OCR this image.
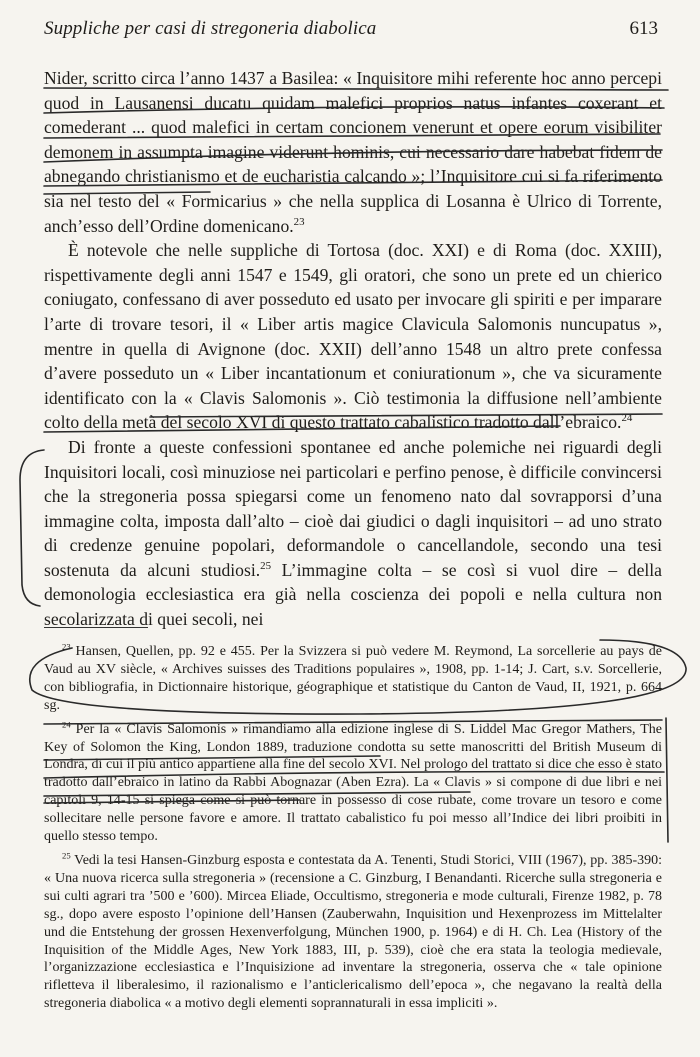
Suppliche per casi di stregoneria diabolica	613

Nider, scritto circa l’anno 1437 a Basilea: « Inquisitore mihi referente hoc anno percepi quod in Lausanensi ducatu quidam malefici proprios natus infantes coxerant et comederant ... quod malefici in certam concionem venerunt et opere eorum visibiliter demonem in assumpta imagine viderunt hominis, cui necessario dare habebat fidem de abnegando christianismo et de eucharistia calcando »; l’Inquisitore cui si fa riferimento sia nel testo del « Formicarius » che nella supplica di Losanna è Ulrico di Torrente, anch’esso dell’Ordine domenicano.$^{23}$

È notevole che nelle suppliche di Tortosa (doc. XXI) e di Roma (doc. XXIII), rispettivamente degli anni 1547 e 1549, gli oratori, che sono un prete ed un chierico coniugato, confessano di aver posseduto ed usato per invocare gli spiriti e per imparare l’arte di trovare tesori, il « Liber artis magice Clavicula Salomonis nuncupatus », mentre in quella di Avignone (doc. XXII) dell’anno 1548 un altro prete confessa d’avere posseduto un « Liber incantationum et coniurationum », che va sicuramente identificato con la « Clavis Salomonis ». Ciò testimonia la diffusione nell’ambiente colto della metà del secolo XVI di questo trattato cabalistico tradotto dall’ebraico.$^{24}$

Di fronte a queste confessioni spontanee ed anche polemiche nei riguardi degli Inquisitori locali, così minuziose nei particolari e perfino penose, è difficile convincersi che la stregoneria possa spiegarsi come un fenomeno nato dal sovrapporsi d’una immagine colta, imposta dall’alto – cioè dai giudici o dagli inquisitori – ad uno strato di credenze genuine popolari, deformandole o cancellandole, secondo una tesi sostenuta da alcuni studiosi.$^{25}$ L’immagine colta – se così si vuol dire – della demonologia ecclesiastica era già nella coscienza dei popoli e nella cultura non secolarizzata di quei secoli, nei

$^{23}$ Hansen, Quellen, pp. 92 e 455. Per la Svizzera si può vedere M. Reymond, La sorcellerie au pays de Vaud au XV siècle, « Archives suisses des Traditions populaires », 1908, pp. 1-14; J. Cart, s.v. Sorcellerie, con bibliografia, in Dictionnaire historique, géographique et statistique du Canton de Vaud, II, 1921, p. 664 sg.

$^{24}$ Per la « Clavis Salomonis » rimandiamo alla edizione inglese di S. Liddel Mac Gregor Mathers, The Key of Solomon the King, London 1889, traduzione condotta su sette manoscritti del British Museum di Londra, di cui il più antico appartiene alla fine del secolo XVI. Nel prologo del trattato si dice che esso è stato tradotto dall’ebraico in latino da Rabbi Abognazar (Aben Ezra). La « Clavis » si compone di due libri e nei capitoli 9, 14-15 si spiega come si può tornare in possesso di cose rubate, come trovare un tesoro e come sollecitare nelle persone favore e amore. Il trattato cabalistico fu poi messo all’Indice dei libri proibiti in quello stesso tempo.

$^{25}$ Vedi la tesi Hansen-Ginzburg esposta e contestata da A. Tenenti, Studi Storici, VIII (1967), pp. 385-390: « Una nuova ricerca sulla stregoneria » (recensione a C. Ginzburg, I Benandanti. Ricerche sulla stregoneria e sui culti agrari tra ’500 e ’600). Mircea Eliade, Occultismo, stregoneria e mode culturali, Firenze 1982, p. 78 sg., dopo avere esposto l’opinione dell’Hansen (Zauberwahn, Inquisition und Hexenprozess im Mittelalter und die Entstehung der grossen Hexenverfolgung, München 1900, p. 1964) e di H. Ch. Lea (History of the Inquisition of the Middle Ages, New York 1883, III, p. 539), cioè che era stata la teologia medievale, l’organizzazione ecclesiastica e l’Inquisizione ad inventare la stregoneria, osserva che « tale opinione rifletteva il liberalesimo, il razionalismo e l’anticlericalismo dell’epoca », che negavano la realtà della stregoneria diabolica « a motivo degli elementi soprannaturali in essa impliciti ».
